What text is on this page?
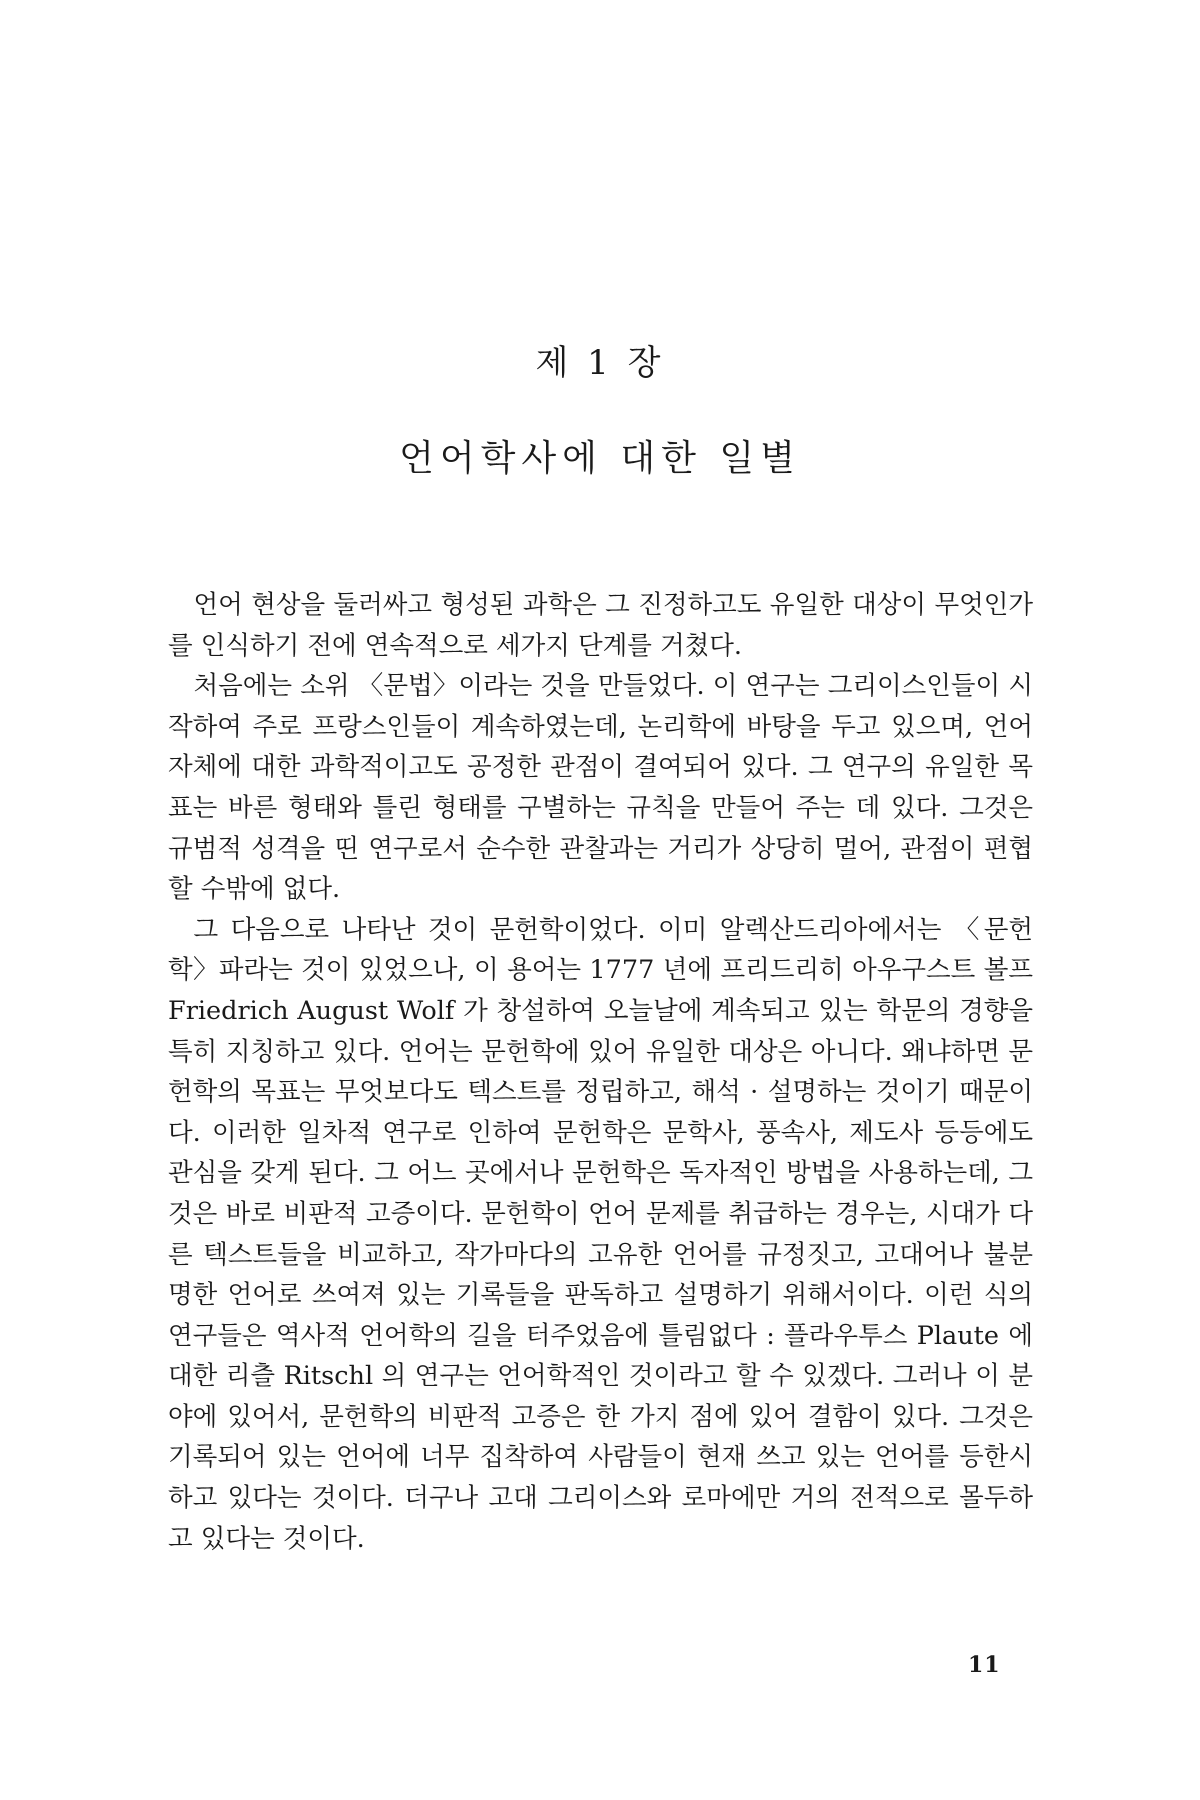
제 1 장
언어학사에 대한 일별

언어 현상을 둘러싸고 형성된 과학은 그 진정하고도 유일한 대상이 무엇인가를 인식하기 전에 연속적으로 세가지 단계를 거쳤다.

처음에는 소위 〈문법〉이라는 것을 만들었다. 이 연구는 그리이스인들이 시작하여 주로 프랑스인들이 계속하였는데, 논리학에 바탕을 두고 있으며, 언어 자체에 대한 과학적이고도 공정한 관점이 결여되어 있다. 그 연구의 유일한 목표는 바른 형태와 틀린 형태를 구별하는 규칙을 만들어 주는 데 있다. 그것은 규범적 성격을 띤 연구로서 순수한 관찰과는 거리가 상당히 멀어, 관점이 편협할 수밖에 없다.

그 다음으로 나타난 것이 문헌학이었다. 이미 알렉산드리아에서는 〈문헌학〉파라는 것이 있었으나, 이 용어는 1777 년에 프리드리히 아우구스트 볼프 Friedrich August Wolf 가 창설하여 오늘날에 계속되고 있는 학문의 경향을 특히 지칭하고 있다. 언어는 문헌학에 있어 유일한 대상은 아니다. 왜냐하면 문헌학의 목표는 무엇보다도 텍스트를 정립하고, 해석 · 설명하는 것이기 때문이다. 이러한 일차적 연구로 인하여 문헌학은 문학사, 풍속사, 제도사 등등에도 관심을 갖게 된다. 그 어느 곳에서나 문헌학은 독자적인 방법을 사용하는데, 그것은 바로 비판적 고증이다. 문헌학이 언어 문제를 취급하는 경우는, 시대가 다른 텍스트들을 비교하고, 작가마다의 고유한 언어를 규정짓고, 고대어나 불분명한 언어로 쓰여져 있는 기록들을 판독하고 설명하기 위해서이다. 이런 식의 연구들은 역사적 언어학의 길을 터주었음에 틀림없다 : 플라우투스 Plaute 에 대한 리츨 Ritschl 의 연구는 언어학적인 것이라고 할 수 있겠다. 그러나 이 분야에 있어서, 문헌학의 비판적 고증은 한 가지 점에 있어 결함이 있다. 그것은 기록되어 있는 언어에 너무 집착하여 사람들이 현재 쓰고 있는 언어를 등한시하고 있다는 것이다. 더구나 고대 그리이스와 로마에만 거의 전적으로 몰두하고 있다는 것이다.

11
